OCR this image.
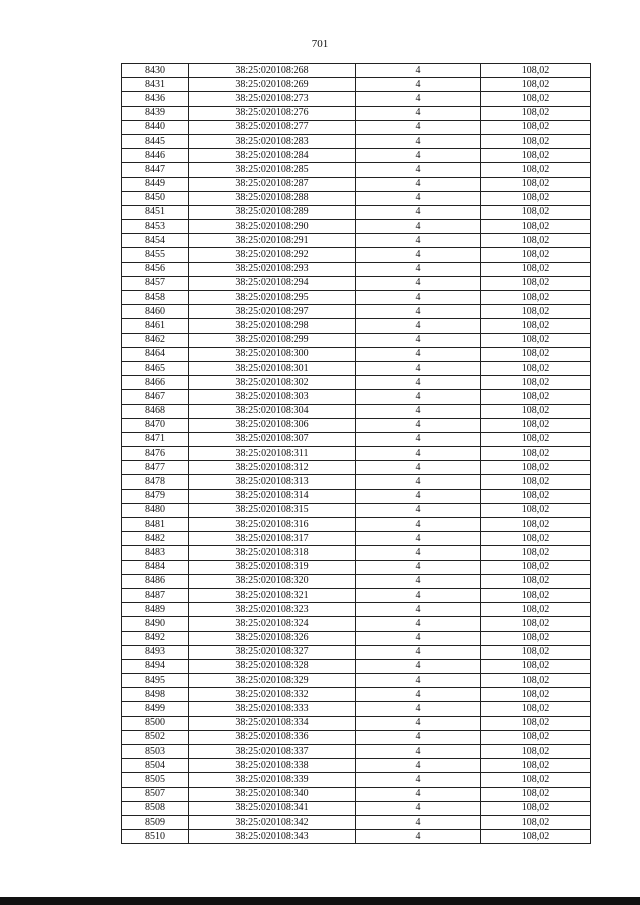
701
8430	38:25:020108:268	4	108,02
8431	38:25:020108:269	4	108,02
8436	38:25:020108:273	4	108,02
8439	38:25:020108:276	4	108,02
8440	38:25:020108:277	4	108,02
8445	38:25:020108:283	4	108,02
8446	38:25:020108:284	4	108,02
8447	38:25:020108:285	4	108,02
8449	38:25:020108:287	4	108,02
8450	38:25:020108:288	4	108,02
8451	38:25:020108:289	4	108,02
8453	38:25:020108:290	4	108,02
8454	38:25:020108:291	4	108,02
8455	38:25:020108:292	4	108,02
8456	38:25:020108:293	4	108,02
8457	38:25:020108:294	4	108,02
8458	38:25:020108:295	4	108,02
8460	38:25:020108:297	4	108,02
8461	38:25:020108:298	4	108,02
8462	38:25:020108:299	4	108,02
8464	38:25:020108:300	4	108,02
8465	38:25:020108:301	4	108,02
8466	38:25:020108:302	4	108,02
8467	38:25:020108:303	4	108,02
8468	38:25:020108:304	4	108,02
8470	38:25:020108:306	4	108,02
8471	38:25:020108:307	4	108,02
8476	38:25:020108:311	4	108,02
8477	38:25:020108:312	4	108,02
8478	38:25:020108:313	4	108,02
8479	38:25:020108:314	4	108,02
8480	38:25:020108:315	4	108,02
8481	38:25:020108:316	4	108,02
8482	38:25:020108:317	4	108,02
8483	38:25:020108:318	4	108,02
8484	38:25:020108:319	4	108,02
8486	38:25:020108:320	4	108,02
8487	38:25:020108:321	4	108,02
8489	38:25:020108:323	4	108,02
8490	38:25:020108:324	4	108,02
8492	38:25:020108:326	4	108,02
8493	38:25:020108:327	4	108,02
8494	38:25:020108:328	4	108,02
8495	38:25:020108:329	4	108,02
8498	38:25:020108:332	4	108,02
8499	38:25:020108:333	4	108,02
8500	38:25:020108:334	4	108,02
8502	38:25:020108:336	4	108,02
8503	38:25:020108:337	4	108,02
8504	38:25:020108:338	4	108,02
8505	38:25:020108:339	4	108,02
8507	38:25:020108:340	4	108,02
8508	38:25:020108:341	4	108,02
8509	38:25:020108:342	4	108,02
8510	38:25:020108:343	4	108,02
